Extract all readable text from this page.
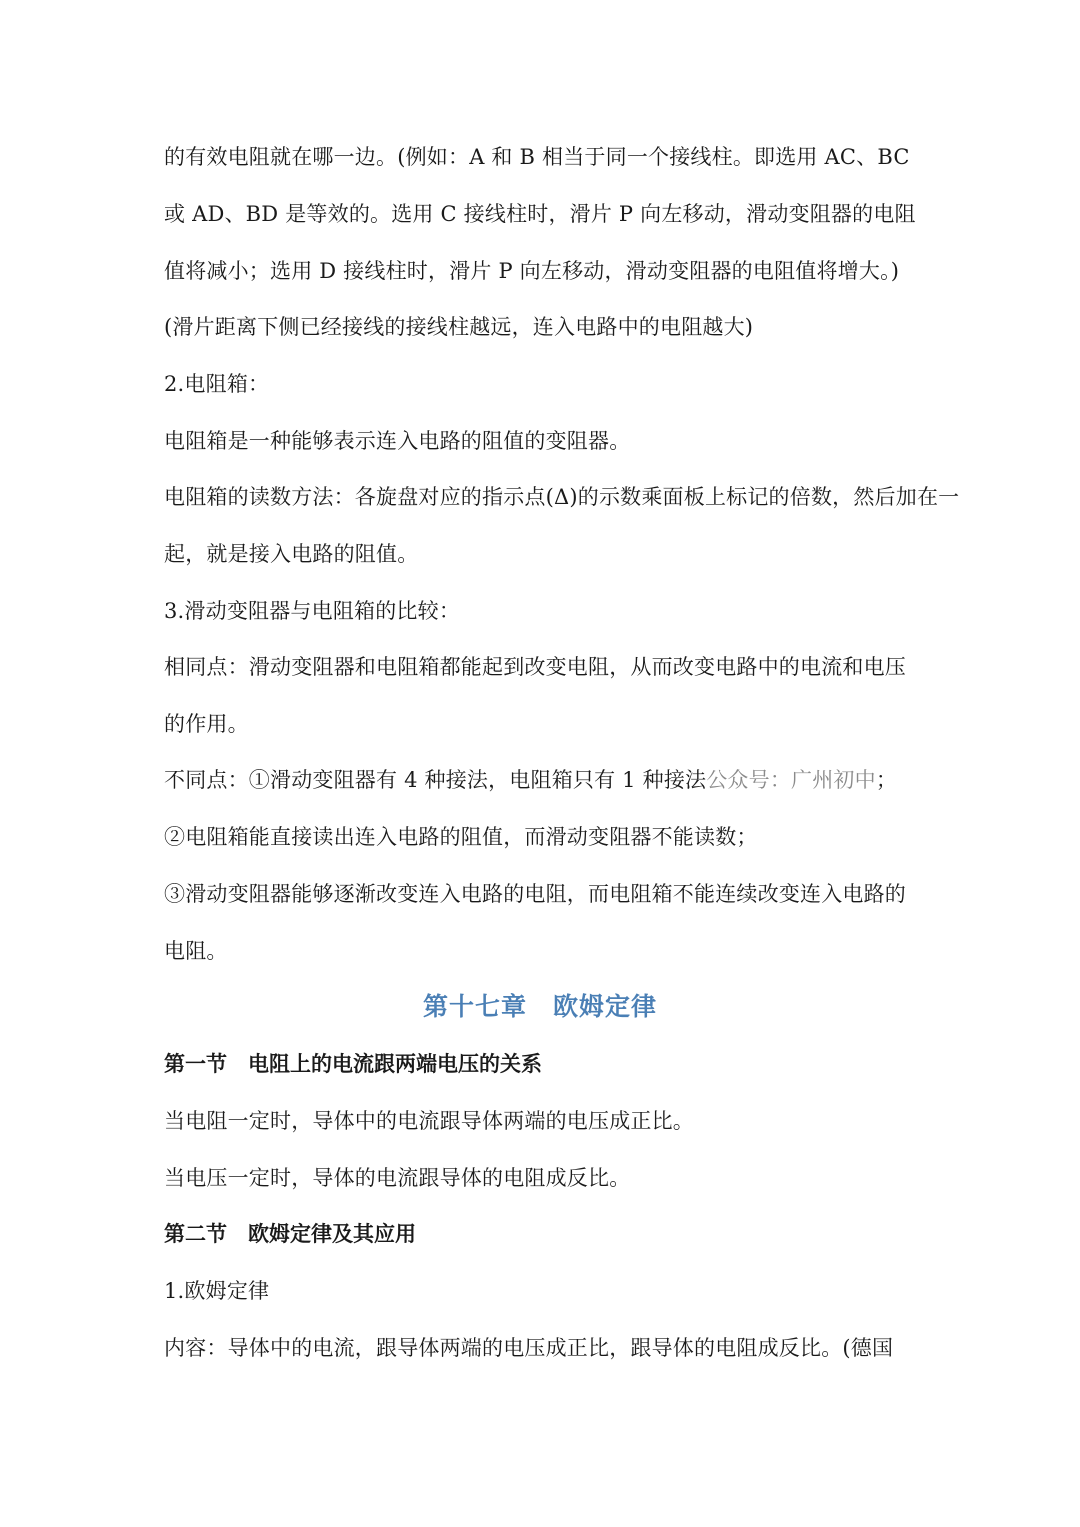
的有效电阻就在哪一边。(例如：A 和 B 相当于同一个接线柱。即选用 AC、BC
或 AD、BD 是等效的。选用 C 接线柱时，滑片 P 向左移动，滑动变阻器的电阻
值将减小；选用 D 接线柱时，滑片 P 向左移动，滑动变阻器的电阻值将增大。)
(滑片距离下侧已经接线的接线柱越远，连入电路中的电阻越大)
2.电阻箱：
电阻箱是一种能够表示连入电路的阻值的变阻器。
电阻箱的读数方法：各旋盘对应的指示点(Δ)的示数乘面板上标记的倍数，然后加在一
起，就是接入电路的阻值。
3.滑动变阻器与电阻箱的比较：
相同点：滑动变阻器和电阻箱都能起到改变电阻，从而改变电路中的电流和电压
的作用。
不同点：①滑动变阻器有 4 种接法，电阻箱只有 1 种接法公众号：广州初中；
②电阻箱能直接读出连入电路的阻值，而滑动变阻器不能读数；
③滑动变阻器能够逐渐改变连入电路的电阻，而电阻箱不能连续改变连入电路的
电阻。
第十七章　欧姆定律
第一节　电阻上的电流跟两端电压的关系
当电阻一定时，导体中的电流跟导体两端的电压成正比。
当电压一定时，导体的电流跟导体的电阻成反比。
第二节　欧姆定律及其应用
1.欧姆定律
内容：导体中的电流，跟导体两端的电压成正比，跟导体的电阻成反比。(德国
